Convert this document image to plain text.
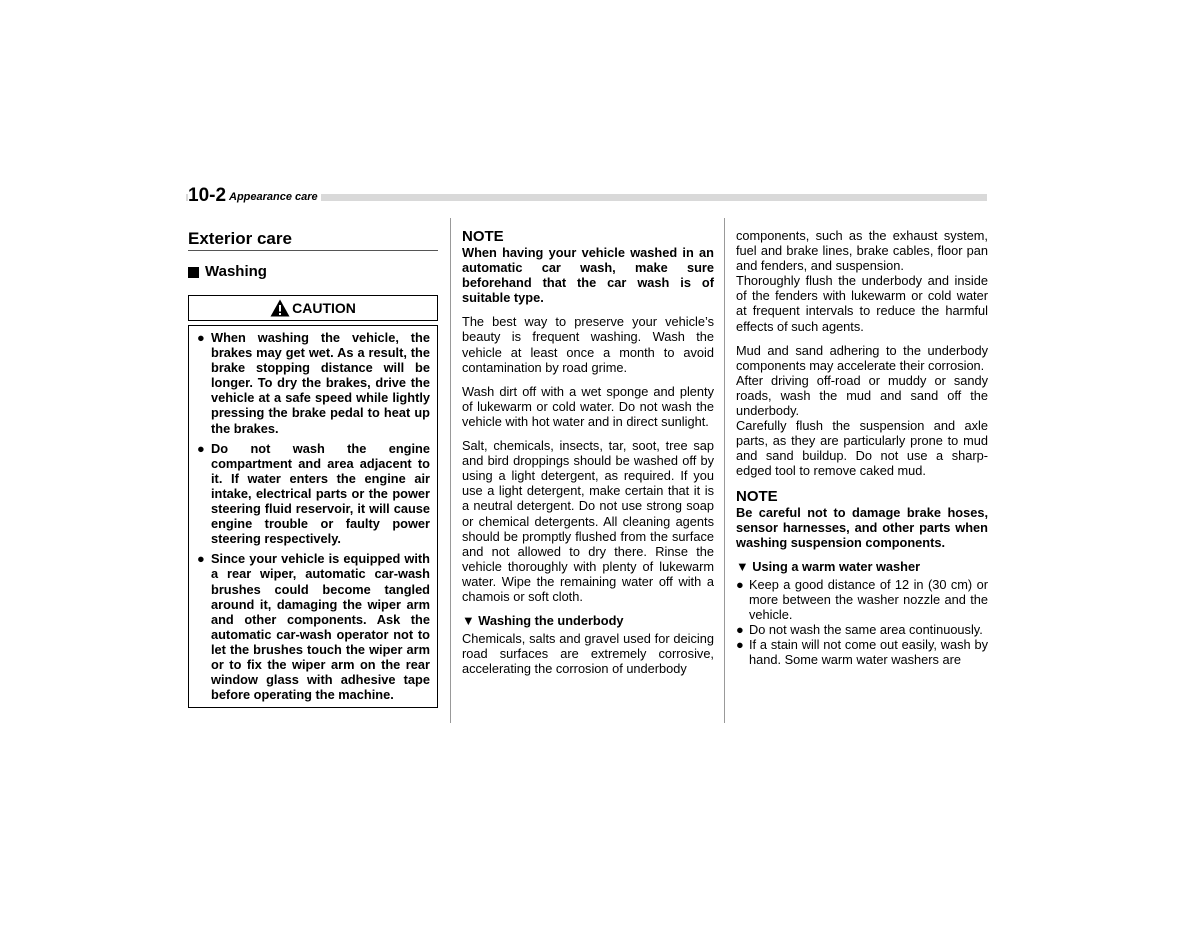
10-2 Appearance care
Exterior care
Washing
CAUTION
● When washing the vehicle, the brakes may get wet. As a result, the brake stopping distance will be longer. To dry the brakes, drive the vehicle at a safe speed while lightly pressing the brake pedal to heat up the brakes.
● Do not wash the engine compartment and area adjacent to it. If water enters the engine air intake, electrical parts or the power steering fluid reservoir, it will cause engine trouble or faulty power steering respectively.
● Since your vehicle is equipped with a rear wiper, automatic car-wash brushes could become tangled around it, damaging the wiper arm and other components. Ask the automatic car-wash operator not to let the brushes touch the wiper arm or to fix the wiper arm on the rear window glass with adhesive tape before operating the machine.
NOTE
When having your vehicle washed in an automatic car wash, make sure beforehand that the car wash is of suitable type.

The best way to preserve your vehicle’s beauty is frequent washing. Wash the vehicle at least once a month to avoid contamination by road grime.

Wash dirt off with a wet sponge and plenty of lukewarm or cold water. Do not wash the vehicle with hot water and in direct sunlight.

Salt, chemicals, insects, tar, soot, tree sap and bird droppings should be washed off by using a light detergent, as required. If you use a light detergent, make certain that it is a neutral detergent. Do not use strong soap or chemical detergents. All cleaning agents should be promptly flushed from the surface and not allowed to dry there. Rinse the vehicle thoroughly with plenty of lukewarm water. Wipe the remaining water off with a chamois or soft cloth.

▼ Washing the underbody

Chemicals, salts and gravel used for deicing road surfaces are extremely corrosive, accelerating the corrosion of underbody

components, such as the exhaust system, fuel and brake lines, brake cables, floor pan and fenders, and suspension.

Thoroughly flush the underbody and inside of the fenders with lukewarm or cold water at frequent intervals to reduce the harmful effects of such agents.

Mud and sand adhering to the underbody components may accelerate their corrosion.

After driving off-road or muddy or sandy roads, wash the mud and sand off the underbody.

Carefully flush the suspension and axle parts, as they are particularly prone to mud and sand buildup. Do not use a sharp-edged tool to remove caked mud.

NOTE
Be careful not to damage brake hoses, sensor harnesses, and other parts when washing suspension components.
▼ Using a warm water washer
● Keep a good distance of 12 in (30 cm) or more between the washer nozzle and the vehicle.
● Do not wash the same area continuously.
● If a stain will not come out easily, wash by hand. Some warm water washers are
